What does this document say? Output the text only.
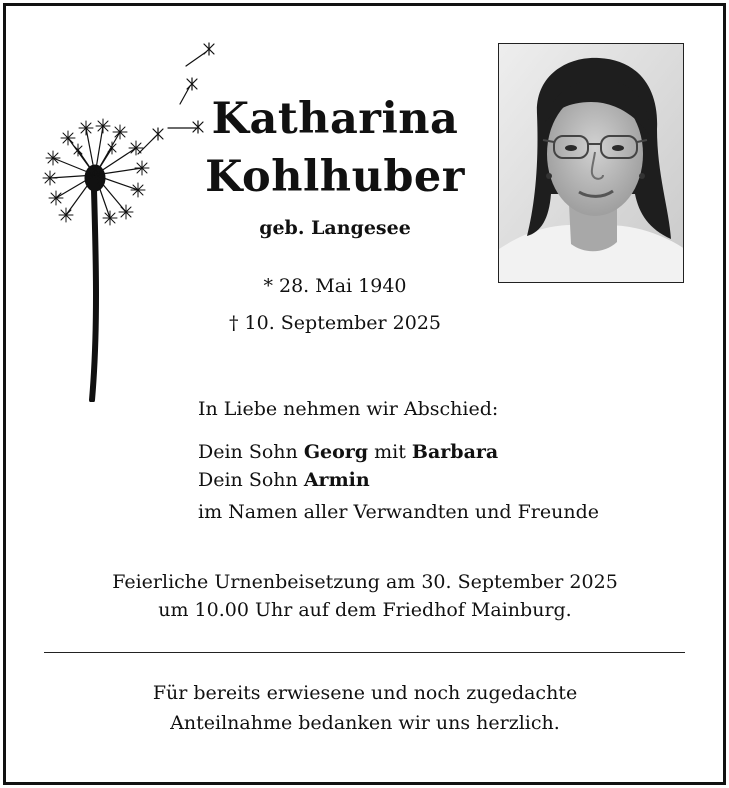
Katharina
Kohlhuber
geb. Langesee
* 28. Mai 1940
† 10. September 2025
In Liebe nehmen wir Abschied:
Dein Sohn Georg mit Barbara
Dein Sohn Armin
im Namen aller Verwandten und Freunde
Feierliche Urnenbeisetzung am 30. September 2025
um 10.00 Uhr auf dem Friedhof Mainburg.
Für bereits erwiesene und noch zugedachte
Anteilnahme bedanken wir uns herzlich.
